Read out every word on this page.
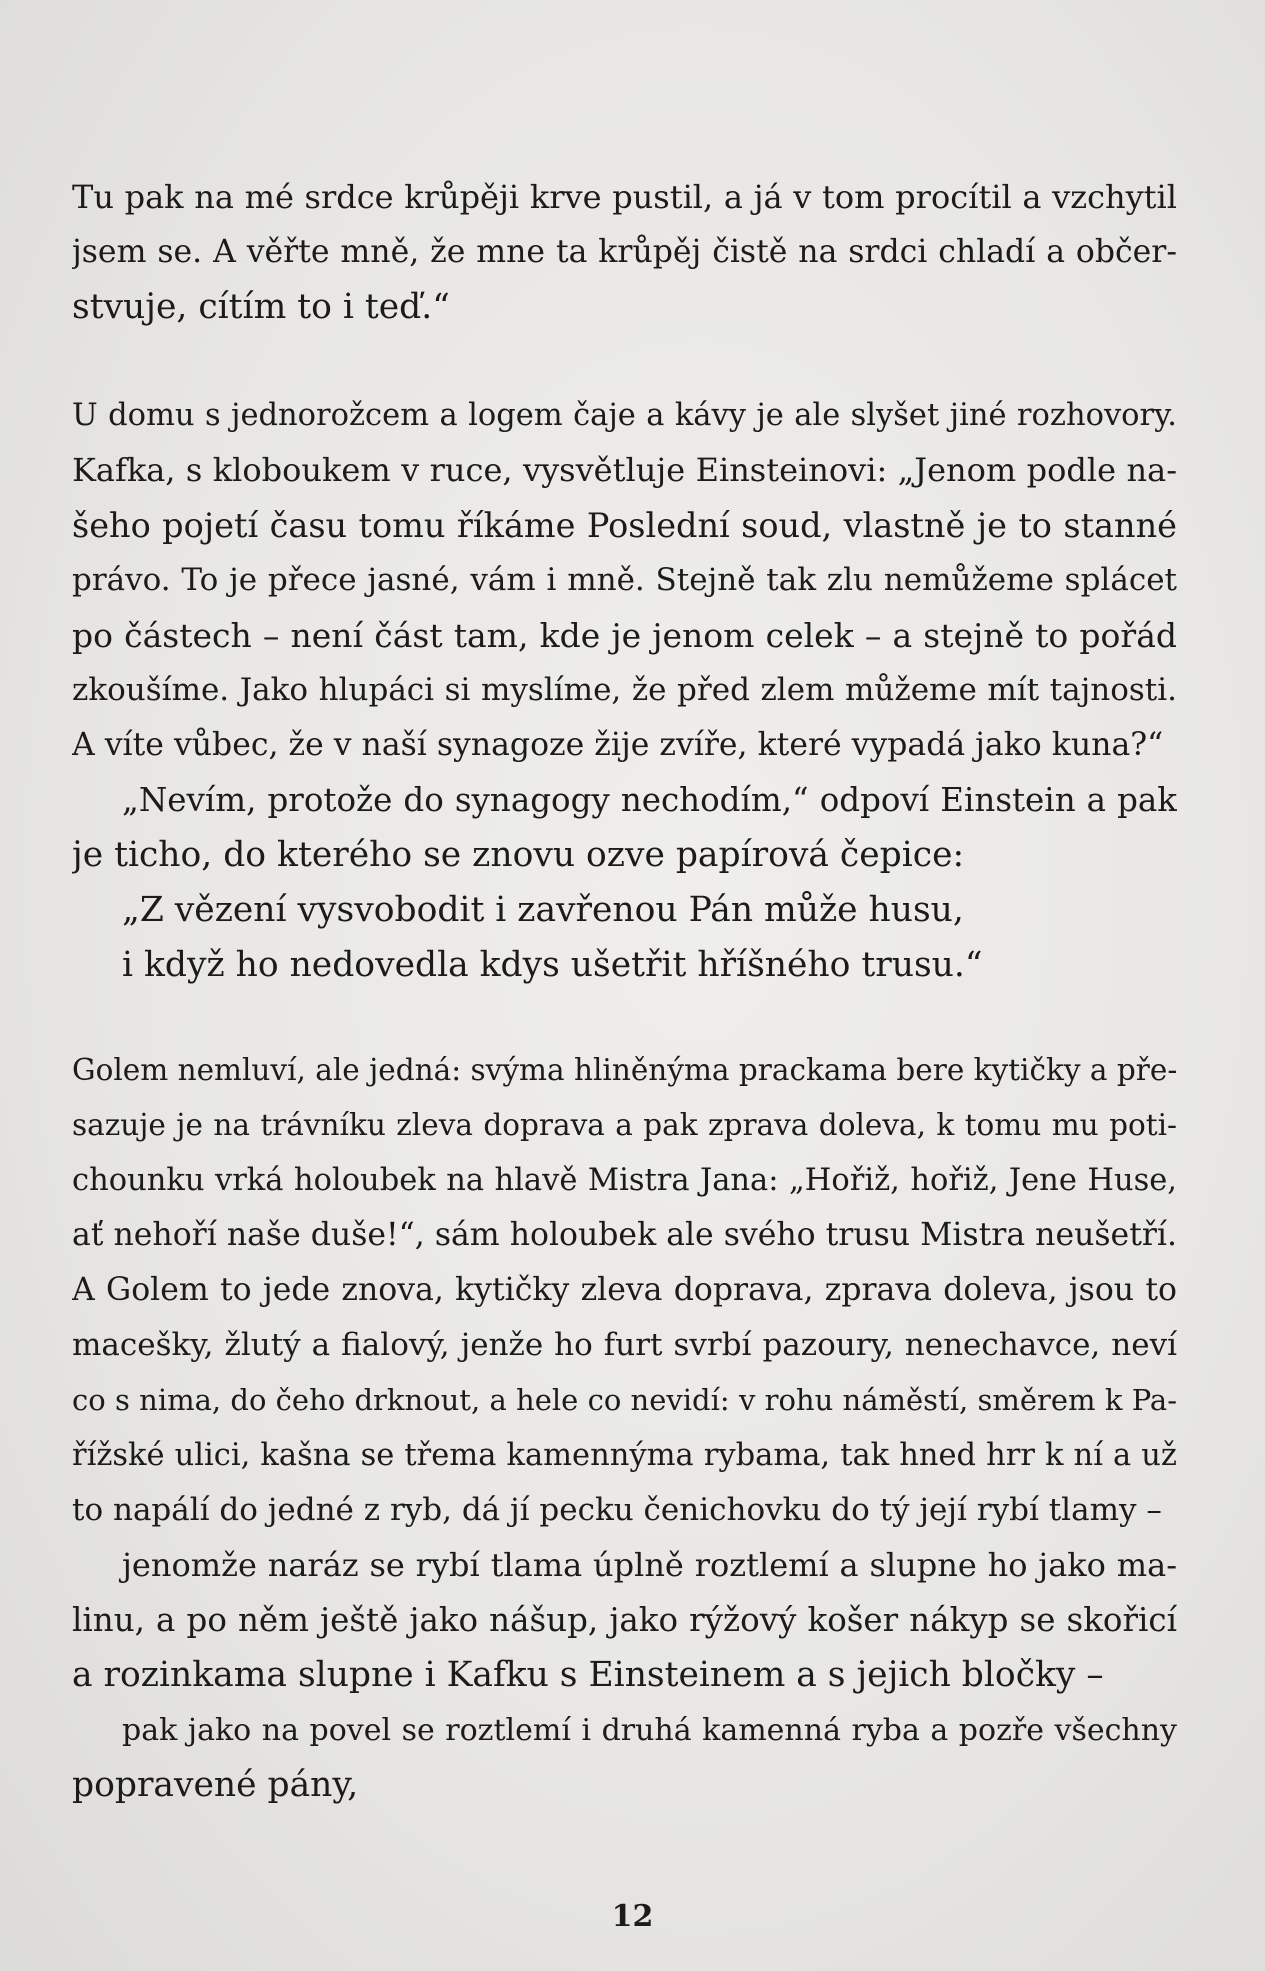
Tu pak na mé srdce krůpěji krve pustil, a já v tom procítil a vzchytil
jsem se. A věřte mně, že mne ta krůpěj čistě na srdci chladí a občer-
stvuje, cítím to i teď.“
U domu s jednorožcem a logem čaje a kávy je ale slyšet jiné rozhovory.
Kafka, s kloboukem v ruce, vysvětluje Einsteinovi: „Jenom podle na-
šeho pojetí času tomu říkáme Poslední soud, vlastně je to stanné
právo. To je přece jasné, vám i mně. Stejně tak zlu nemůžeme splácet
po částech – není část tam, kde je jenom celek – a stejně to pořád
zkoušíme. Jako hlupáci si myslíme, že před zlem můžeme mít tajnosti.
A víte vůbec, že v naší synagoze žije zvíře, které vypadá jako kuna?“
„Nevím, protože do synagogy nechodím,“ odpoví Einstein a pak
je ticho, do kterého se znovu ozve papírová čepice:
„Z vězení vysvobodit i zavřenou Pán může husu,
i když ho nedovedla kdys ušetřit hříšného trusu.“
Golem nemluví, ale jedná: svýma hliněnýma prackama bere kytičky a pře-
sazuje je na trávníku zleva doprava a pak zprava doleva, k tomu mu poti-
chounku vrká holoubek na hlavě Mistra Jana: „Hořiž, hořiž, Jene Huse,
ať nehoří naše duše!“, sám holoubek ale svého trusu Mistra neušetří.
A Golem to jede znova, kytičky zleva doprava, zprava doleva, jsou to
macešky, žlutý a fialový, jenže ho furt svrbí pazoury, nenechavce, neví
co s nima, do čeho drknout, a hele co nevidí: v rohu náměstí, směrem k Pa-
řížské ulici, kašna se třema kamennýma rybama, tak hned hrr k ní a už
to napálí do jedné z ryb, dá jí pecku čenichovku do tý její rybí tlamy –
jenomže naráz se rybí tlama úplně roztlemí a slupne ho jako ma-
linu, a po něm ještě jako nášup, jako rýžový košer nákyp se skořicí
a rozinkama slupne i Kafku s Einsteinem a s jejich bločky –
pak jako na povel se roztlemí i druhá kamenná ryba a pozře všechny
popravené pány,
12
